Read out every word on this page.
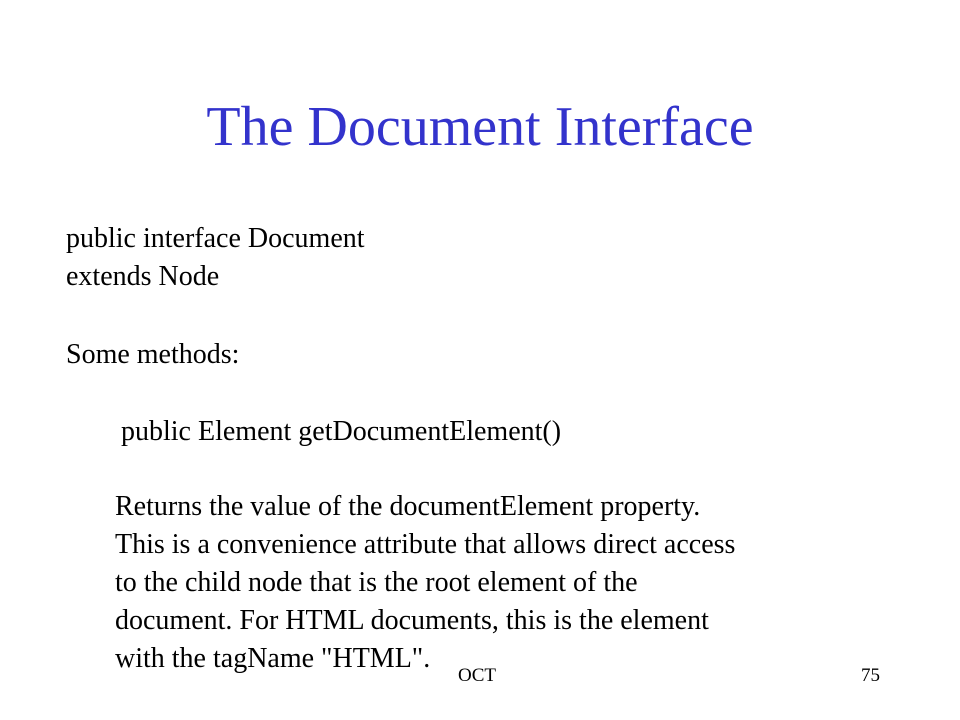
The Document Interface

public interface Document

extends Node

Some methods:

public Element getDocumentElement()

Returns the value of the documentElement property.
This is a convenience attribute that allows direct access
to the child node that is the root element of the
document. For HTML documents, this is the element
with the tagName "HTML".
OCT	75
